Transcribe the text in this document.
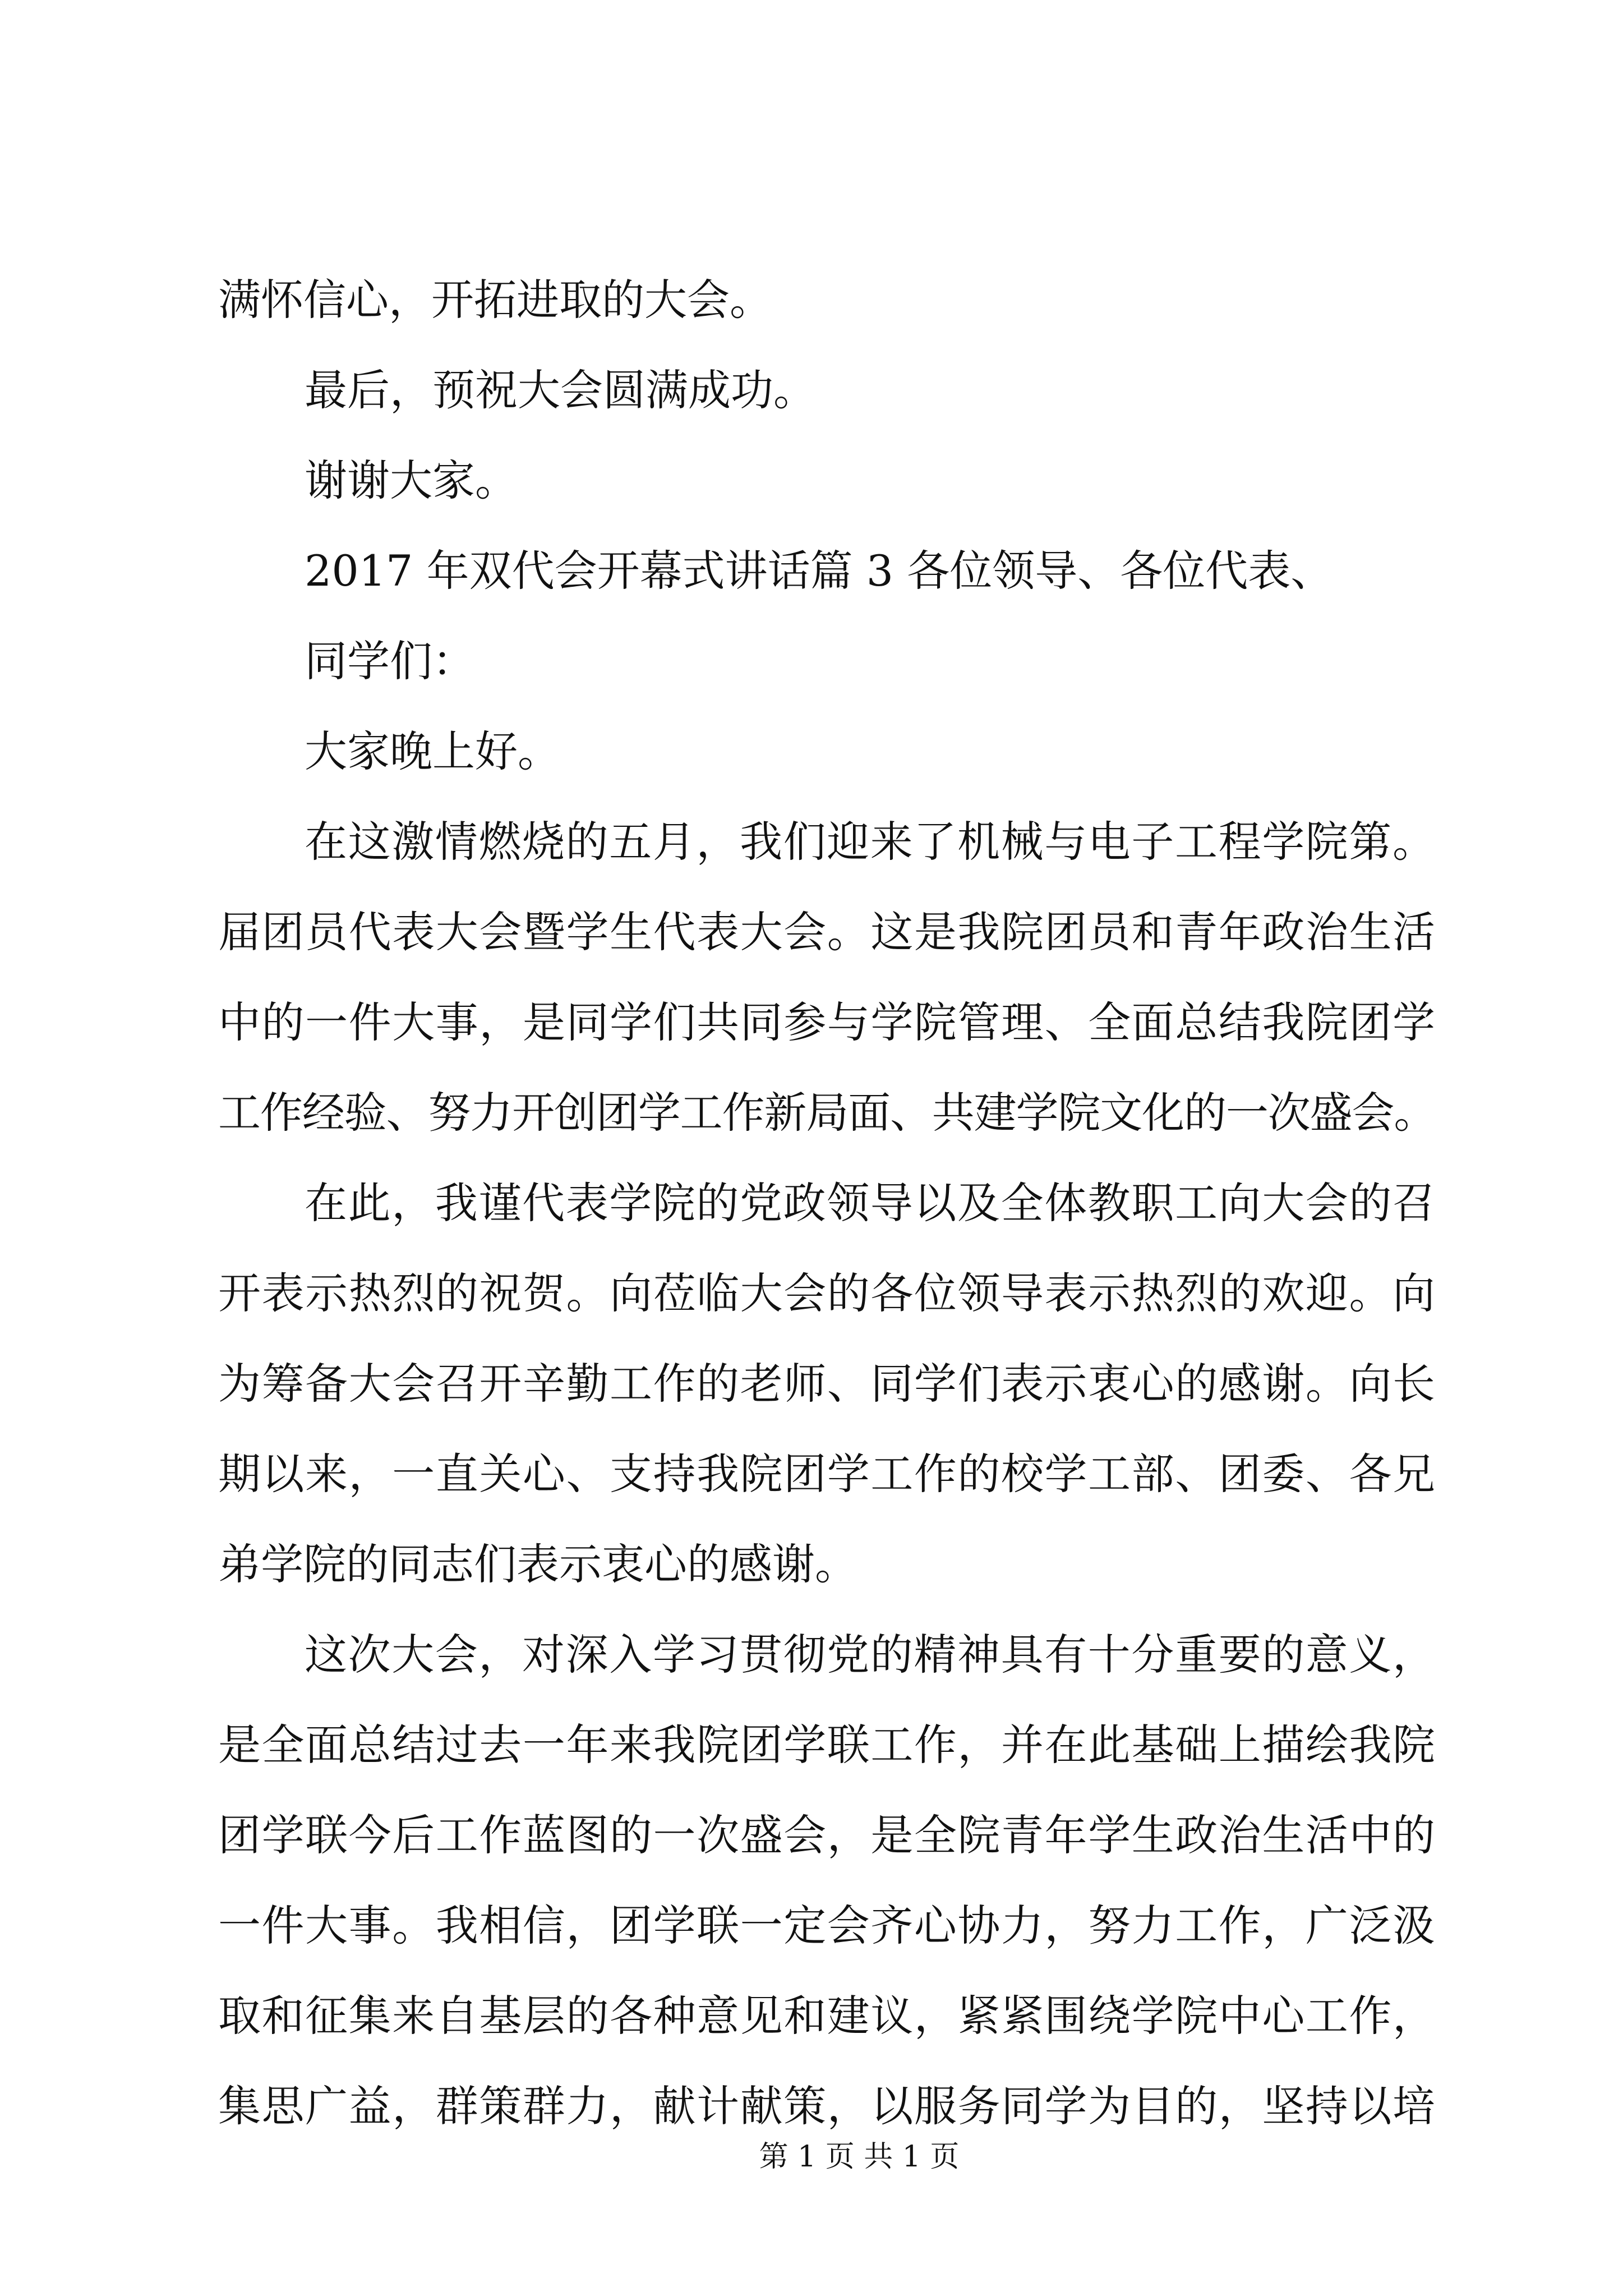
满怀信心，开拓进取的大会。
最后，预祝大会圆满成功。
谢谢大家。
2017 年双代会开幕式讲话篇 3 各位领导、各位代表、
同学们：
大家晚上好。
在这激情燃烧的五月，我们迎来了机械与电子工程学院第。
届团员代表大会暨学生代表大会。这是我院团员和青年政治生活
中的一件大事，是同学们共同参与学院管理、全面总结我院团学
工作经验、努力开创团学工作新局面、共建学院文化的一次盛会。
在此，我谨代表学院的党政领导以及全体教职工向大会的召
开表示热烈的祝贺。向莅临大会的各位领导表示热烈的欢迎。向
为筹备大会召开辛勤工作的老师、同学们表示衷心的感谢。向长
期以来，一直关心、支持我院团学工作的校学工部、团委、各兄
弟学院的同志们表示衷心的感谢。
这次大会，对深入学习贯彻党的精神具有十分重要的意义，
是全面总结过去一年来我院团学联工作，并在此基础上描绘我院
团学联今后工作蓝图的一次盛会，是全院青年学生政治生活中的
一件大事。我相信，团学联一定会齐心协力，努力工作，广泛汲
取和征集来自基层的各种意见和建议，紧紧围绕学院中心工作，
集思广益，群策群力，献计献策，以服务同学为目的，坚持以培
第 1 页 共 1 页
